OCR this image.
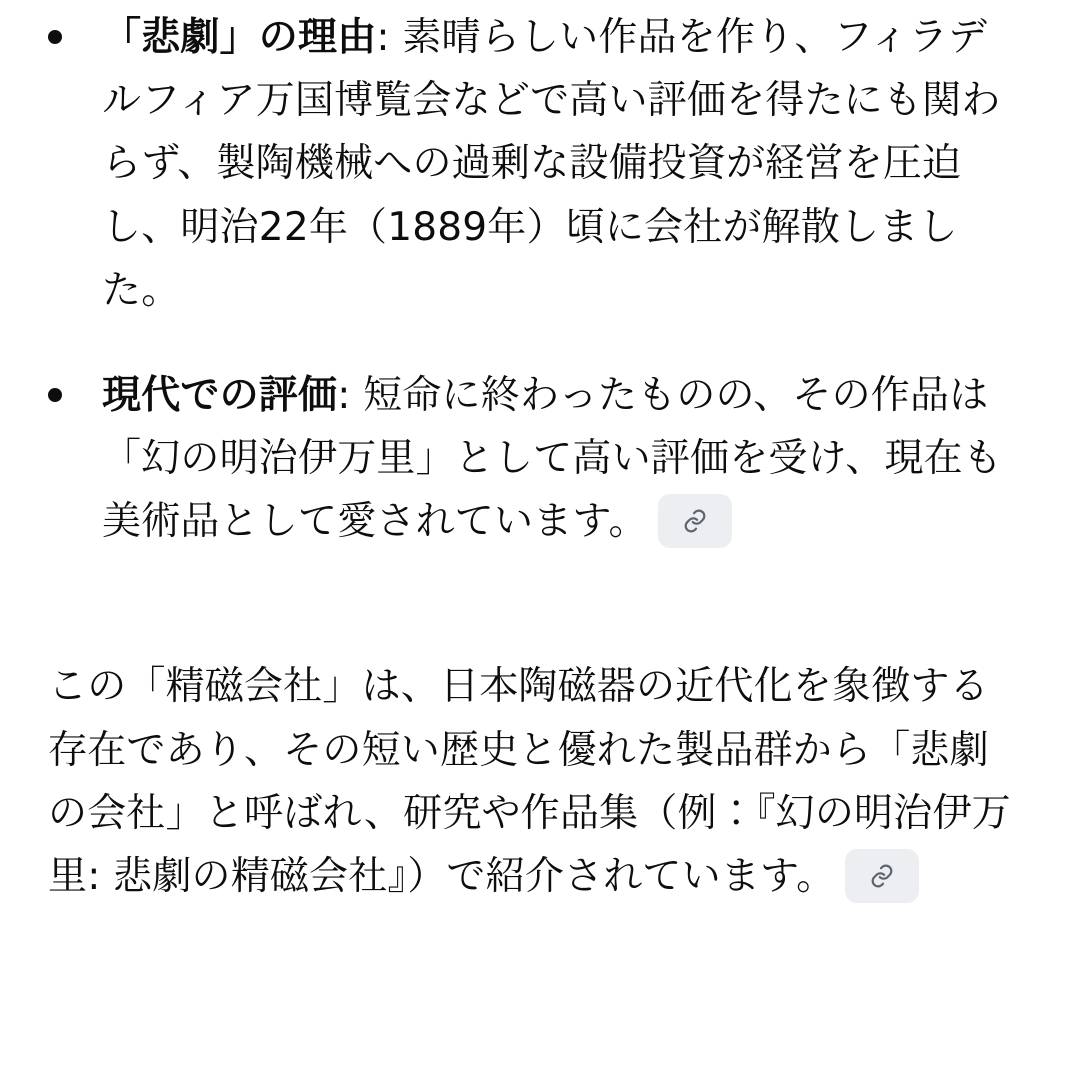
「悲劇」の理由: 素晴らしい作品を作り、フィラデルフィア万国博覧会などで高い評価を得たにも関わらず、製陶機械への過剰な設備投資が経営を圧迫し、明治22年（1889年）頃に会社が解散しました。
現代での評価: 短命に終わったものの、その作品は「幻の明治伊万里」として高い評価を受け、現在も美術品として愛されています。

この「精磁会社」は、日本陶磁器の近代化を象徴する存在であり、その短い歴史と優れた製品群から「悲劇の会社」と呼ばれ、研究や作品集（例：『幻の明治伊万里: 悲劇の精磁会社』）で紹介されています。
